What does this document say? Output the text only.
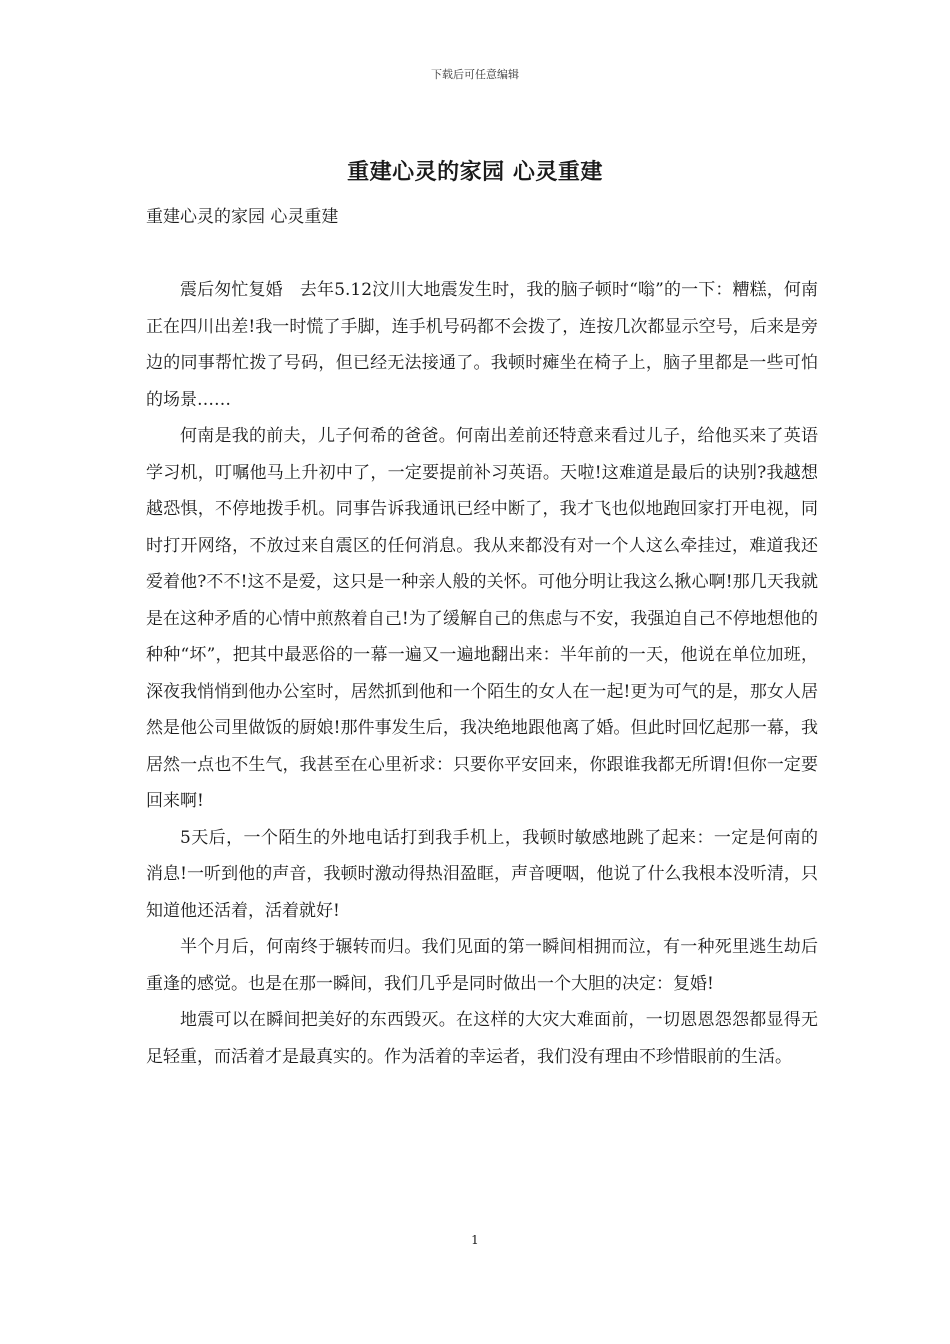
下载后可任意编辑
重建心灵的家园 心灵重建
重建心灵的家园 心灵重建

震后匆忙复婚　去年5.12汶川大地震发生时，我的脑子顿时“嗡”的一下：糟糕，何南正在四川出差!我一时慌了手脚，连手机号码都不会拨了，连按几次都显示空号，后来是旁边的同事帮忙拨了号码，但已经无法接通了。我顿时瘫坐在椅子上，脑子里都是一些可怕的场景……

何南是我的前夫，儿子何希的爸爸。何南出差前还特意来看过儿子，给他买来了英语学习机，叮嘱他马上升初中了，一定要提前补习英语。天啦!这难道是最后的诀别?我越想越恐惧，不停地拨手机。同事告诉我通讯已经中断了，我才飞也似地跑回家打开电视，同时打开网络，不放过来自震区的任何消息。我从来都没有对一个人这么牵挂过，难道我还爱着他?不不!这不是爱，这只是一种亲人般的关怀。可他分明让我这么揪心啊!那几天我就是在这种矛盾的心情中煎熬着自己!为了缓解自己的焦虑与不安，我强迫自己不停地想他的种种“坏”，把其中最恶俗的一幕一遍又一遍地翻出来：半年前的一天，他说在单位加班，深夜我悄悄到他办公室时，居然抓到他和一个陌生的女人在一起!更为可气的是，那女人居然是他公司里做饭的厨娘!那件事发生后，我决绝地跟他离了婚。但此时回忆起那一幕，我居然一点也不生气，我甚至在心里祈求：只要你平安回来，你跟谁我都无所谓!但你一定要回来啊!

5天后，一个陌生的外地电话打到我手机上，我顿时敏感地跳了起来：一定是何南的消息!一听到他的声音，我顿时激动得热泪盈眶，声音哽咽，他说了什么我根本没听清，只知道他还活着，活着就好!

半个月后，何南终于辗转而归。我们见面的第一瞬间相拥而泣，有一种死里逃生劫后重逢的感觉。也是在那一瞬间，我们几乎是同时做出一个大胆的决定：复婚!

地震可以在瞬间把美好的东西毁灭。在这样的大灾大难面前，一切恩恩怨怨都显得无足轻重，而活着才是最真实的。作为活着的幸运者，我们没有理由不珍惜眼前的生活。

1
